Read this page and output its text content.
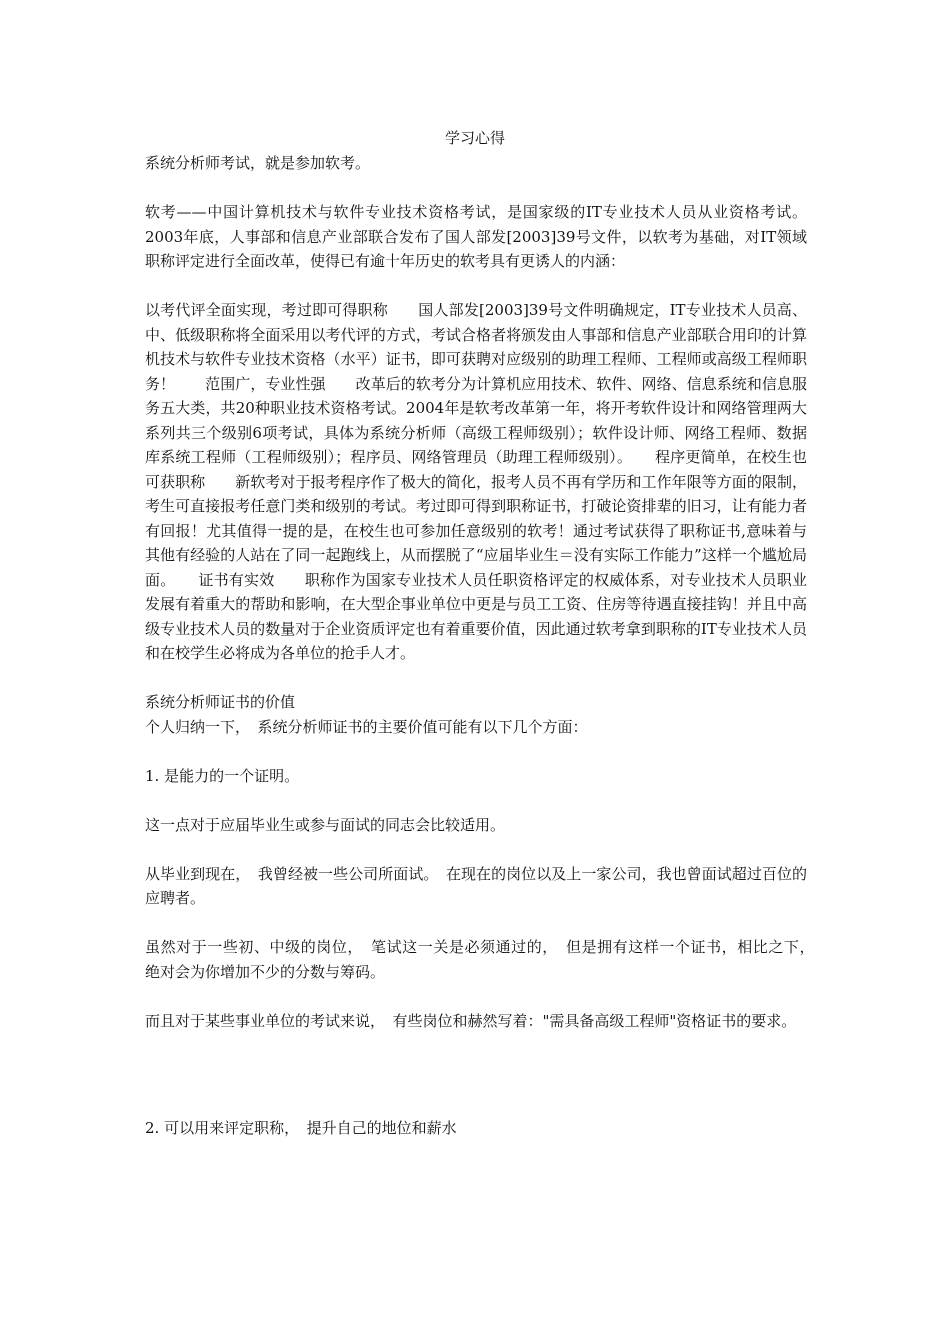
学习心得

系统分析师考试，就是参加软考。

软考——中国计算机技术与软件专业技术资格考试，是国家级的IT专业技术人员从业资格考试。2003年底，人事部和信息产业部联合发布了国人部发[2003]39号文件，以软考为基础，对IT领域职称评定进行全面改革，使得已有逾十年历史的软考具有更诱人的内涵：

以考代评全面实现，考过即可得职称　　国人部发[2003]39号文件明确规定，IT专业技术人员高、中、低级职称将全面采用以考代评的方式，考试合格者将颁发由人事部和信息产业部联合用印的计算机技术与软件专业技术资格（水平）证书，即可获聘对应级别的助理工程师、工程师或高级工程师职务！　　范围广，专业性强　　改革后的软考分为计算机应用技术、软件、网络、信息系统和信息服务五大类，共20种职业技术资格考试。2004年是软考改革第一年，将开考软件设计和网络管理两大系列共三个级别6项考试，具体为系统分析师（高级工程师级别）；软件设计师、网络工程师、数据库系统工程师（工程师级别）；程序员、网络管理员（助理工程师级别）。　　程序更简单，在校生也可获职称　　新软考对于报考程序作了极大的简化，报考人员不再有学历和工作年限等方面的限制，考生可直接报考任意门类和级别的考试。考过即可得到职称证书，打破论资排辈的旧习，让有能力者有回报！尤其值得一提的是，在校生也可参加任意级别的软考！通过考试获得了职称证书,意味着与其他有经验的人站在了同一起跑线上，从而摆脱了“应届毕业生＝没有实际工作能力”这样一个尴尬局面。　　证书有实效　　职称作为国家专业技术人员任职资格评定的权威体系，对专业技术人员职业发展有着重大的帮助和影响，在大型企事业单位中更是与员工工资、住房等待遇直接挂钩！并且中高级专业技术人员的数量对于企业资质评定也有着重要价值，因此通过软考拿到职称的IT专业技术人员和在校学生必将成为各单位的抢手人才。

系统分析师证书的价值

个人归纳一下，　系统分析师证书的主要价值可能有以下几个方面：

1. 是能力的一个证明。

这一点对于应届毕业生或参与面试的同志会比较适用。

从毕业到现在，　我曾经被一些公司所面试。　在现在的岗位以及上一家公司，我也曾面试超过百位的应聘者。

虽然对于一些初、中级的岗位，　笔试这一关是必须通过的，　但是拥有这样一个证书，相比之下，　绝对会为你增加不少的分数与筹码。

而且对于某些事业单位的考试来说，　有些岗位和赫然写着："需具备高级工程师"资格证书的要求。

2. 可以用来评定职称，　提升自己的地位和薪水
